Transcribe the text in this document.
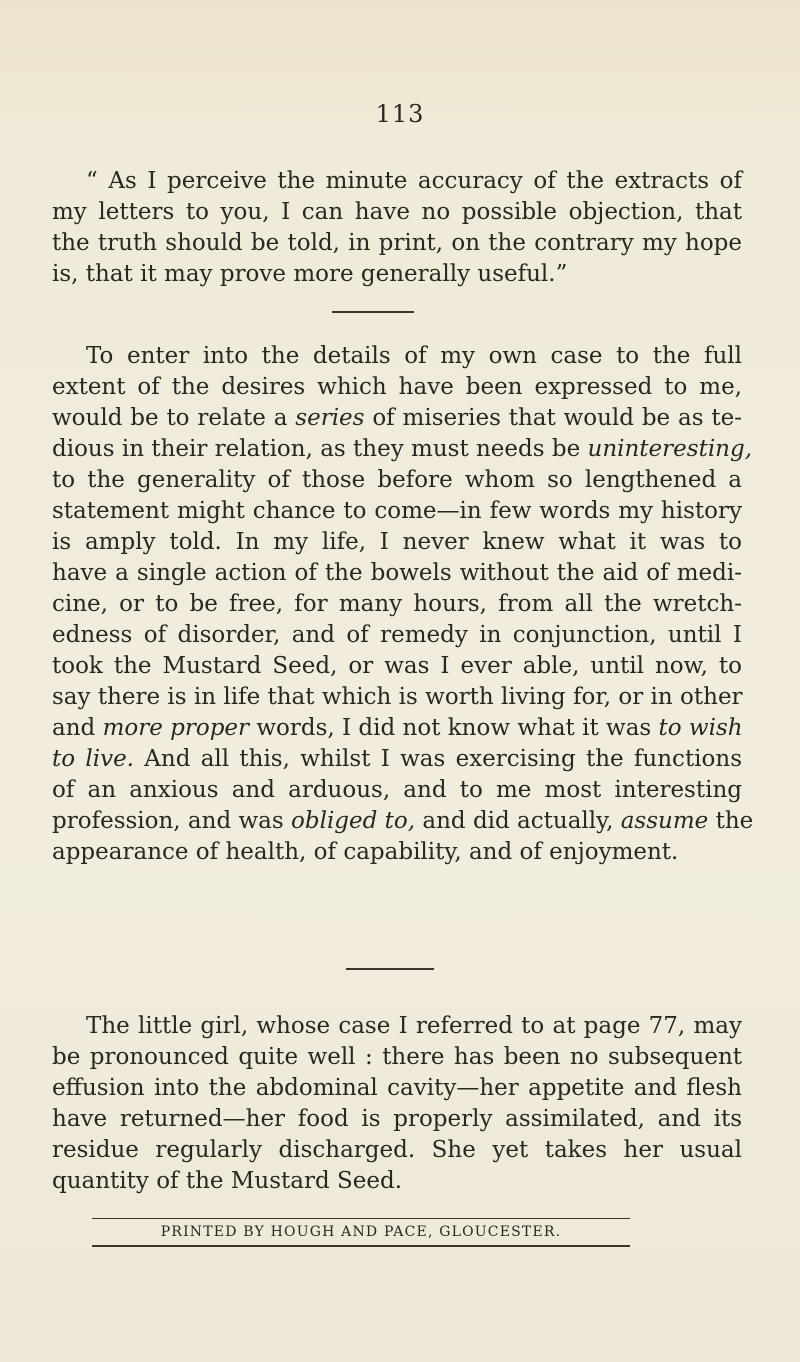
113

“ As I perceive the minute accuracy of the extracts of
my letters to you, I can have no possible objection, that
the truth should be told, in print, on the contrary my hope
is, that it may prove more generally useful.”

To enter into the details of my own case to the full
extent of the desires which have been expressed to me,
would be to relate a series of miseries that would be as te-
dious in their relation, as they must needs be uninteresting,
to the generality of those before whom so lengthened a
statement might chance to come—in few words my history
is amply told. In my life, I never knew what it was to
have a single action of the bowels without the aid of medi-
cine, or to be free, for many hours, from all the wretch-
edness of disorder, and of remedy in conjunction, until I
took the Mustard Seed, or was I ever able, until now, to
say there is in life that which is worth living for, or in other
and more proper words, I did not know what it was to wish
to live. And all this, whilst I was exercising the functions
of an anxious and arduous, and to me most interesting
profession, and was obliged to, and did actually, assume the
appearance of health, of capability, and of enjoyment.

The little girl, whose case I referred to at page 77, may
be pronounced quite well : there has been no subsequent
effusion into the abdominal cavity—her appetite and flesh
have returned—her food is properly assimilated, and its
residue regularly discharged. She yet takes her usual
quantity of the Mustard Seed.

PRINTED BY HOUGH AND PACE, GLOUCESTER.
